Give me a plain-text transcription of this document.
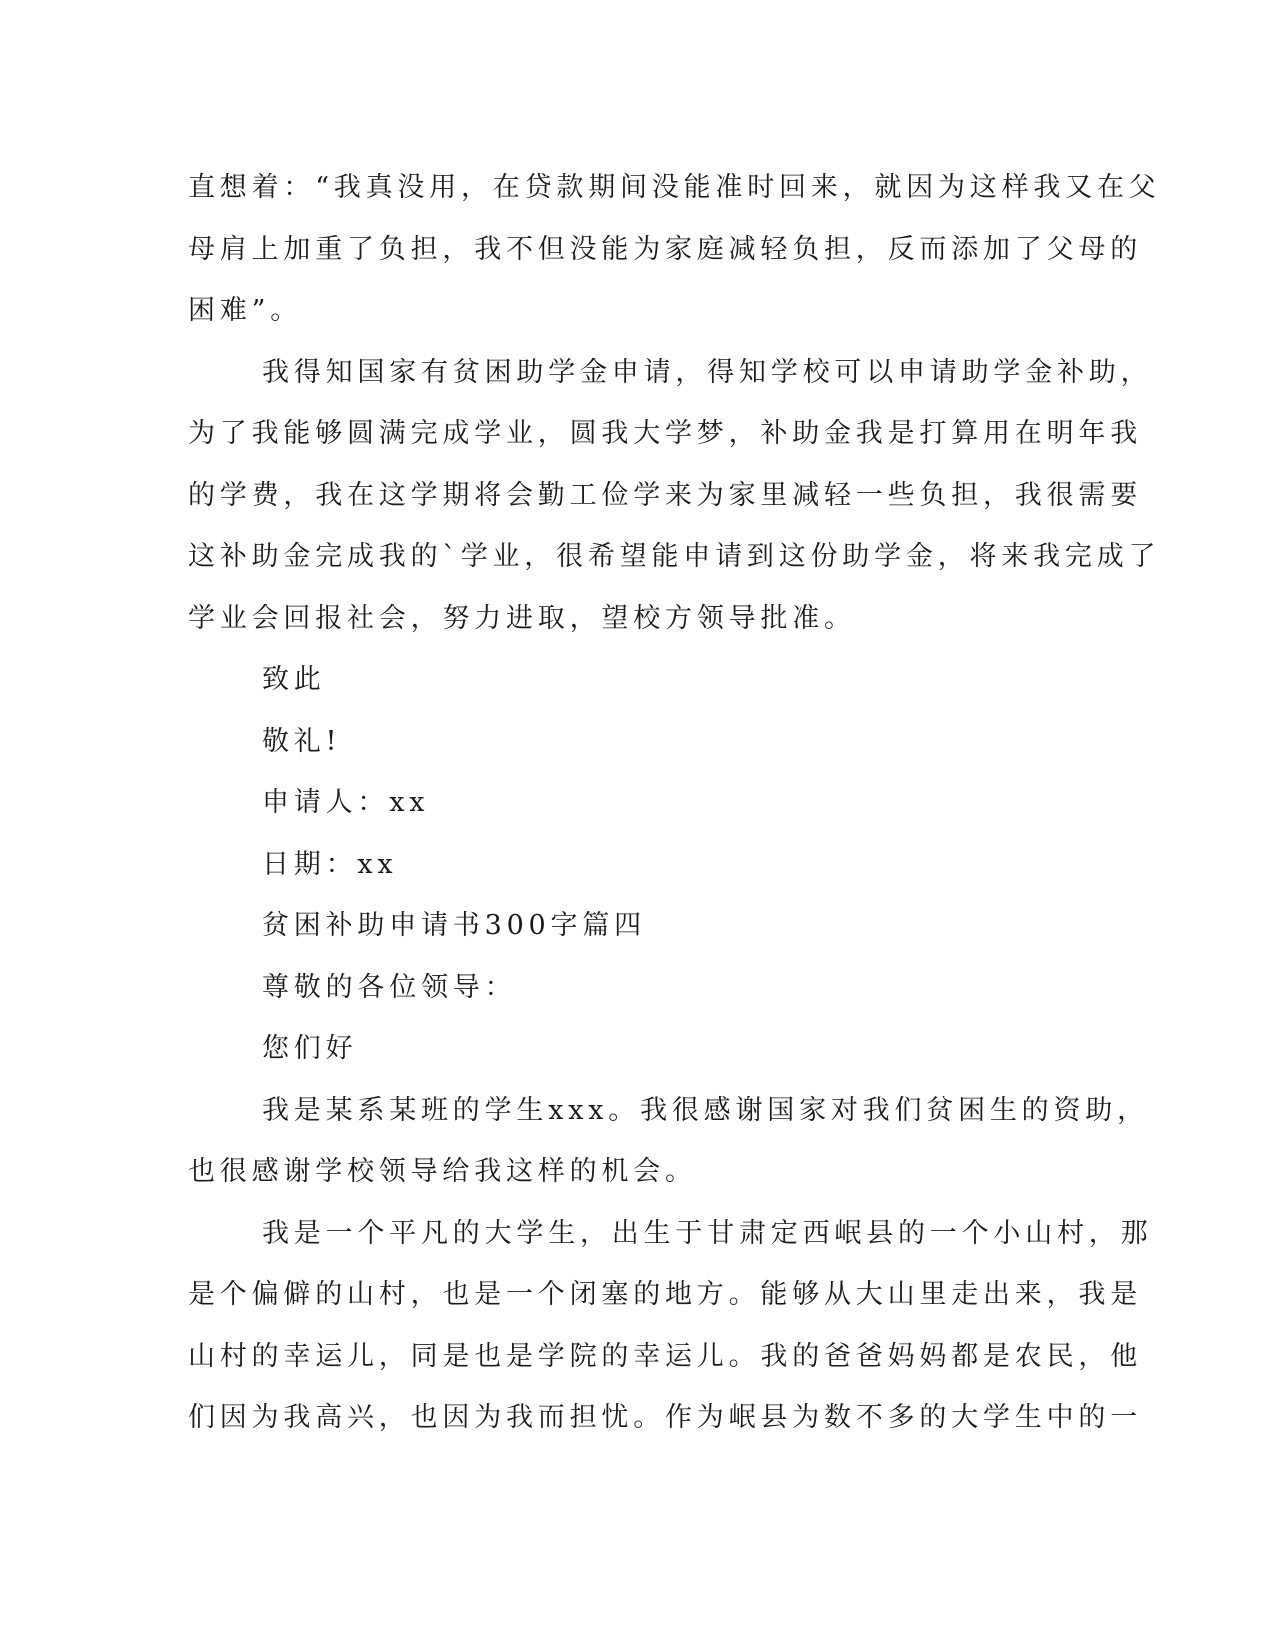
直想着：“我真没用，在贷款期间没能准时回来，就因为这样我又在父
母肩上加重了负担，我不但没能为家庭减轻负担，反而添加了父母的
困难”。
我得知国家有贫困助学金申请，得知学校可以申请助学金补助，
为了我能够圆满完成学业，圆我大学梦，补助金我是打算用在明年我
的学费，我在这学期将会勤工俭学来为家里减轻一些负担，我很需要
这补助金完成我的`学业，很希望能申请到这份助学金，将来我完成了
学业会回报社会，努力进取，望校方领导批准。
致此
敬礼!
申请人：xx
日期：xx
贫困补助申请书300字篇四
尊敬的各位领导：
您们好
我是某系某班的学生xxx。我很感谢国家对我们贫困生的资助，
也很感谢学校领导给我这样的机会。
我是一个平凡的大学生，出生于甘肃定西岷县的一个小山村，那
是个偏僻的山村，也是一个闭塞的地方。能够从大山里走出来，我是
山村的幸运儿，同是也是学院的幸运儿。我的爸爸妈妈都是农民，他
们因为我高兴，也因为我而担忧。作为岷县为数不多的大学生中的一
